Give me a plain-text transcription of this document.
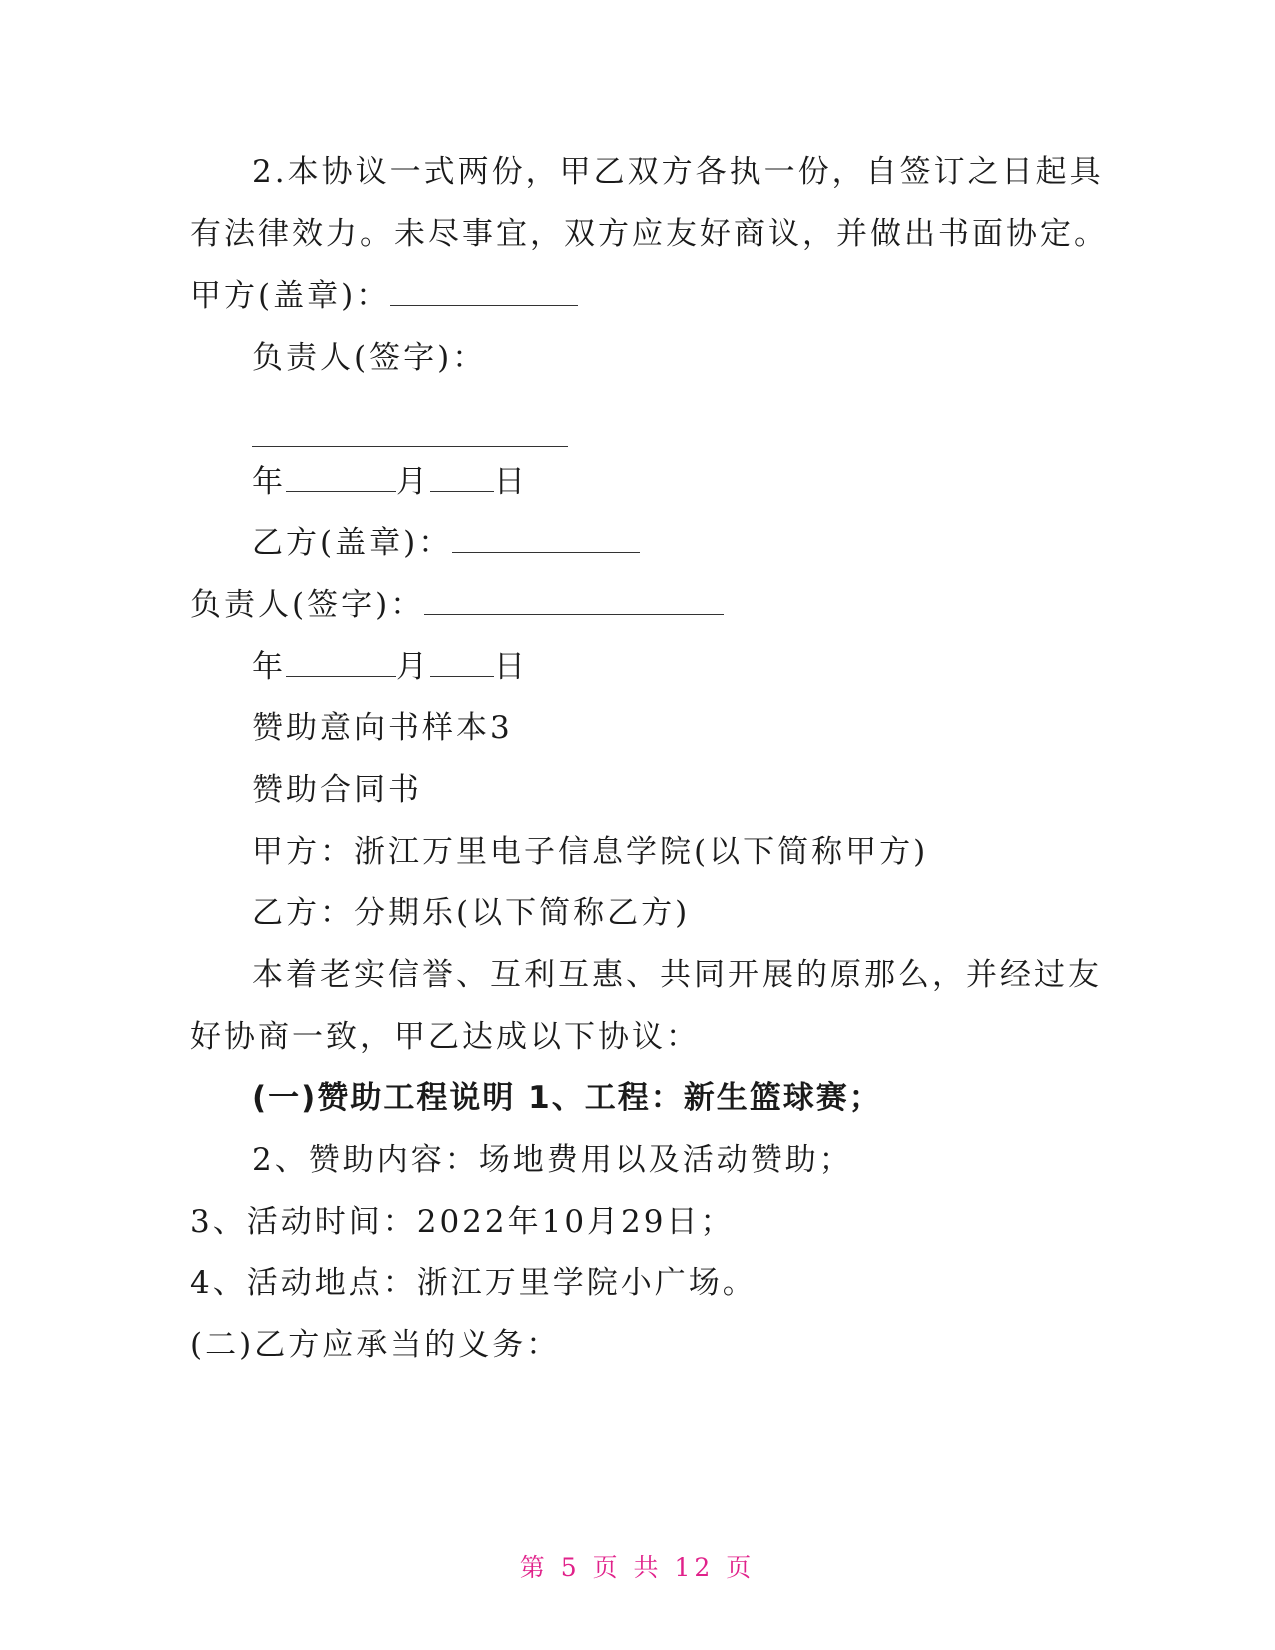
2.本协议一式两份，甲乙双方各执一份，自签订之日起具
有法律效力。未尽事宜，双方应友好商议，并做出书面协定。
甲方(盖章)：
负责人(签字)：
年	月 日
乙方(盖章)：
负责人(签字)：
年	月 日
赞助意向书样本3
赞助合同书
甲方：浙江万里电子信息学院(以下简称甲方)
乙方：分期乐(以下简称乙方)
本着老实信誉、互利互惠、共同开展的原那么，并经过友
好协商一致，甲乙达成以下协议：
(一)赞助工程说明 1、工程：新生篮球赛；
2、赞助内容：场地费用以及活动赞助；
3、活动时间：2022年10月29日；
4、活动地点：浙江万里学院小广场。
(二)乙方应承当的义务：
第 5 页 共 12 页
